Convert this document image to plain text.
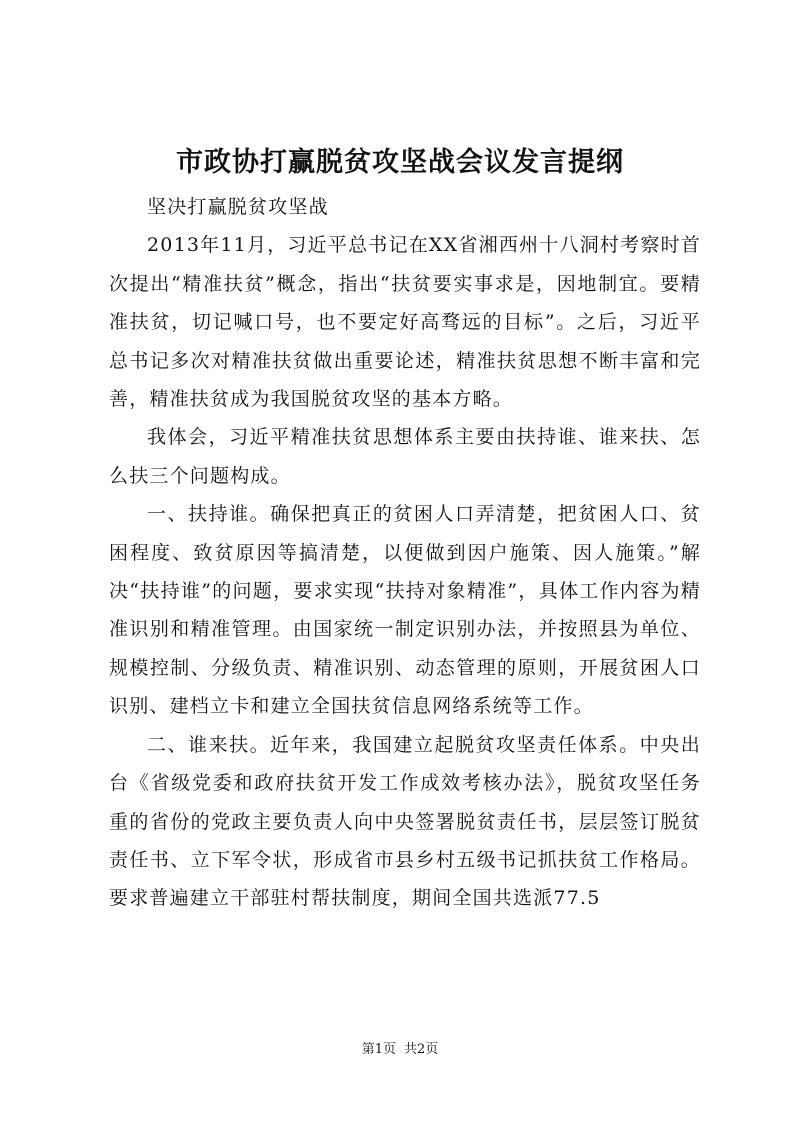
市政协打赢脱贫攻坚战会议发言提纲

坚决打赢脱贫攻坚战

2013年11月，习近平总书记在XX省湘西州十八洞村考察时首次提出“精准扶贫”概念，指出“扶贫要实事求是，因地制宜。要精准扶贫，切记喊口号，也不要定好高骛远的目标”。之后，习近平总书记多次对精准扶贫做出重要论述，精准扶贫思想不断丰富和完善，精准扶贫成为我国脱贫攻坚的基本方略。

我体会，习近平精准扶贫思想体系主要由扶持谁、谁来扶、怎么扶三个问题构成。

一、扶持谁。确保把真正的贫困人口弄清楚，把贫困人口、贫困程度、致贫原因等搞清楚，以便做到因户施策、因人施策。”解决“扶持谁”的问题，要求实现“扶持对象精准”，具体工作内容为精准识别和精准管理。由国家统一制定识别办法，并按照县为单位、规模控制、分级负责、精准识别、动态管理的原则，开展贫困人口识别、建档立卡和建立全国扶贫信息网络系统等工作。

二、谁来扶。近年来，我国建立起脱贫攻坚责任体系。中央出台《省级党委和政府扶贫开发工作成效考核办法》，脱贫攻坚任务重的省份的党政主要负责人向中央签署脱贫责任书，层层签订脱贫责任书、立下军令状，形成省市县乡村五级书记抓扶贫工作格局。要求普遍建立干部驻村帮扶制度，期间全国共选派77.5

第1页 共2页
